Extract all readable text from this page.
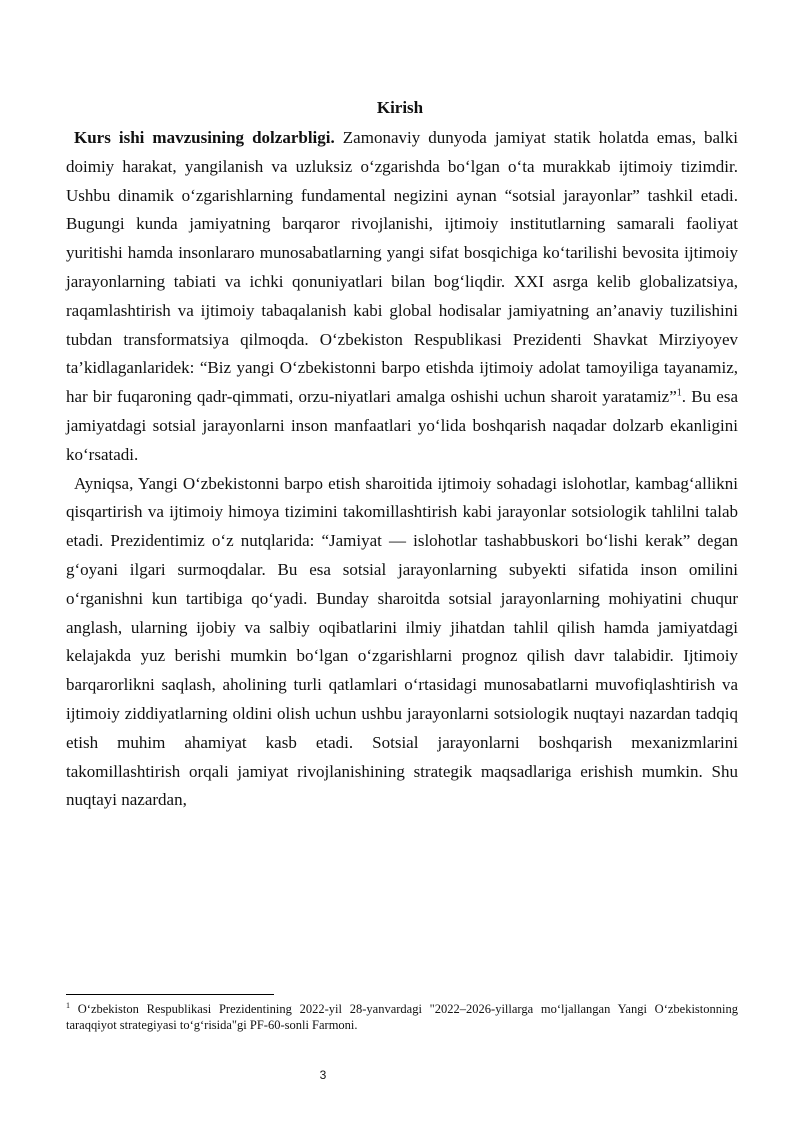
Kirish

Kurs ishi mavzusining dolzarbligi. Zamonaviy dunyoda jamiyat statik holatda emas, balki doimiy harakat, yangilanish va uzluksiz o‘zgarishda bo‘lgan o‘ta murakkab ijtimoiy tizimdir. Ushbu dinamik o‘zgarishlarning fundamental negizini aynan “sotsial jarayonlar” tashkil etadi. Bugungi kunda jamiyatning barqaror rivojlanishi, ijtimoiy institutlarning samarali faoliyat yuritishi hamda insonlararo munosabatlarning yangi sifat bosqichiga ko‘tarilishi bevosita ijtimoiy jarayonlarning tabiati va ichki qonuniyatlari bilan bog‘liqdir. XXI asrga kelib globalizatsiya, raqamlashtirish va ijtimoiy tabaqalanish kabi global hodisalar jamiyatning an’anaviy tuzilishini tubdan transformatsiya qilmoqda. O‘zbekiston Respublikasi Prezidenti Shavkat Mirziyoyev ta’kidlaganlaridek: “Biz yangi O‘zbekistonni barpo etishda ijtimoiy adolat tamoyiliga tayanamiz, har bir fuqaroning qadr-qimmati, orzu-niyatlari amalga oshishi uchun sharoit yaratamiz”$^1$. Bu esa jamiyatdagi sotsial jarayonlarni inson manfaatlari yo‘lida boshqarish naqadar dolzarb ekanligini ko‘rsatadi.

Ayniqsa, Yangi O‘zbekistonni barpo etish sharoitida ijtimoiy sohadagi islohotlar, kambag‘allikni qisqartirish va ijtimoiy himoya tizimini takomillashtirish kabi jarayonlar sotsiologik tahlilni talab etadi. Prezidentimiz o‘z nutqlarida: “Jamiyat — islohotlar tashabbuskori bo‘lishi kerak” degan g‘oyani ilgari surmoqdalar. Bu esa sotsial jarayonlarning subyekti sifatida inson omilini o‘rganishni kun tartibiga qo‘yadi. Bunday sharoitda sotsial jarayonlarning mohiyatini chuqur anglash, ularning ijobiy va salbiy oqibatlarini ilmiy jihatdan tahlil qilish hamda jamiyatdagi kelajakda yuz berishi mumkin bo‘lgan o‘zgarishlarni prognoz qilish davr talabidir. Ijtimoiy barqarorlikni saqlash, aholining turli qatlamlari o‘rtasidagi munosabatlarni muvofiqlashtirish va ijtimoiy ziddiyatlarning oldini olish uchun ushbu jarayonlarni sotsiologik nuqtayi nazardan tadqiq etish muhim ahamiyat kasb etadi. Sotsial jarayonlarni boshqarish mexanizmlarini takomillashtirish orqali jamiyat rivojlanishining strategik maqsadlariga erishish mumkin. Shu nuqtayi nazardan,

$^1$ O‘zbekiston Respublikasi Prezidentining 2022-yil 28-yanvardagi "2022–2026-yillarga mo‘ljallangan Yangi O‘zbekistonning taraqqiyot strategiyasi to‘g‘risida"gi PF-60-sonli Farmoni.

3
